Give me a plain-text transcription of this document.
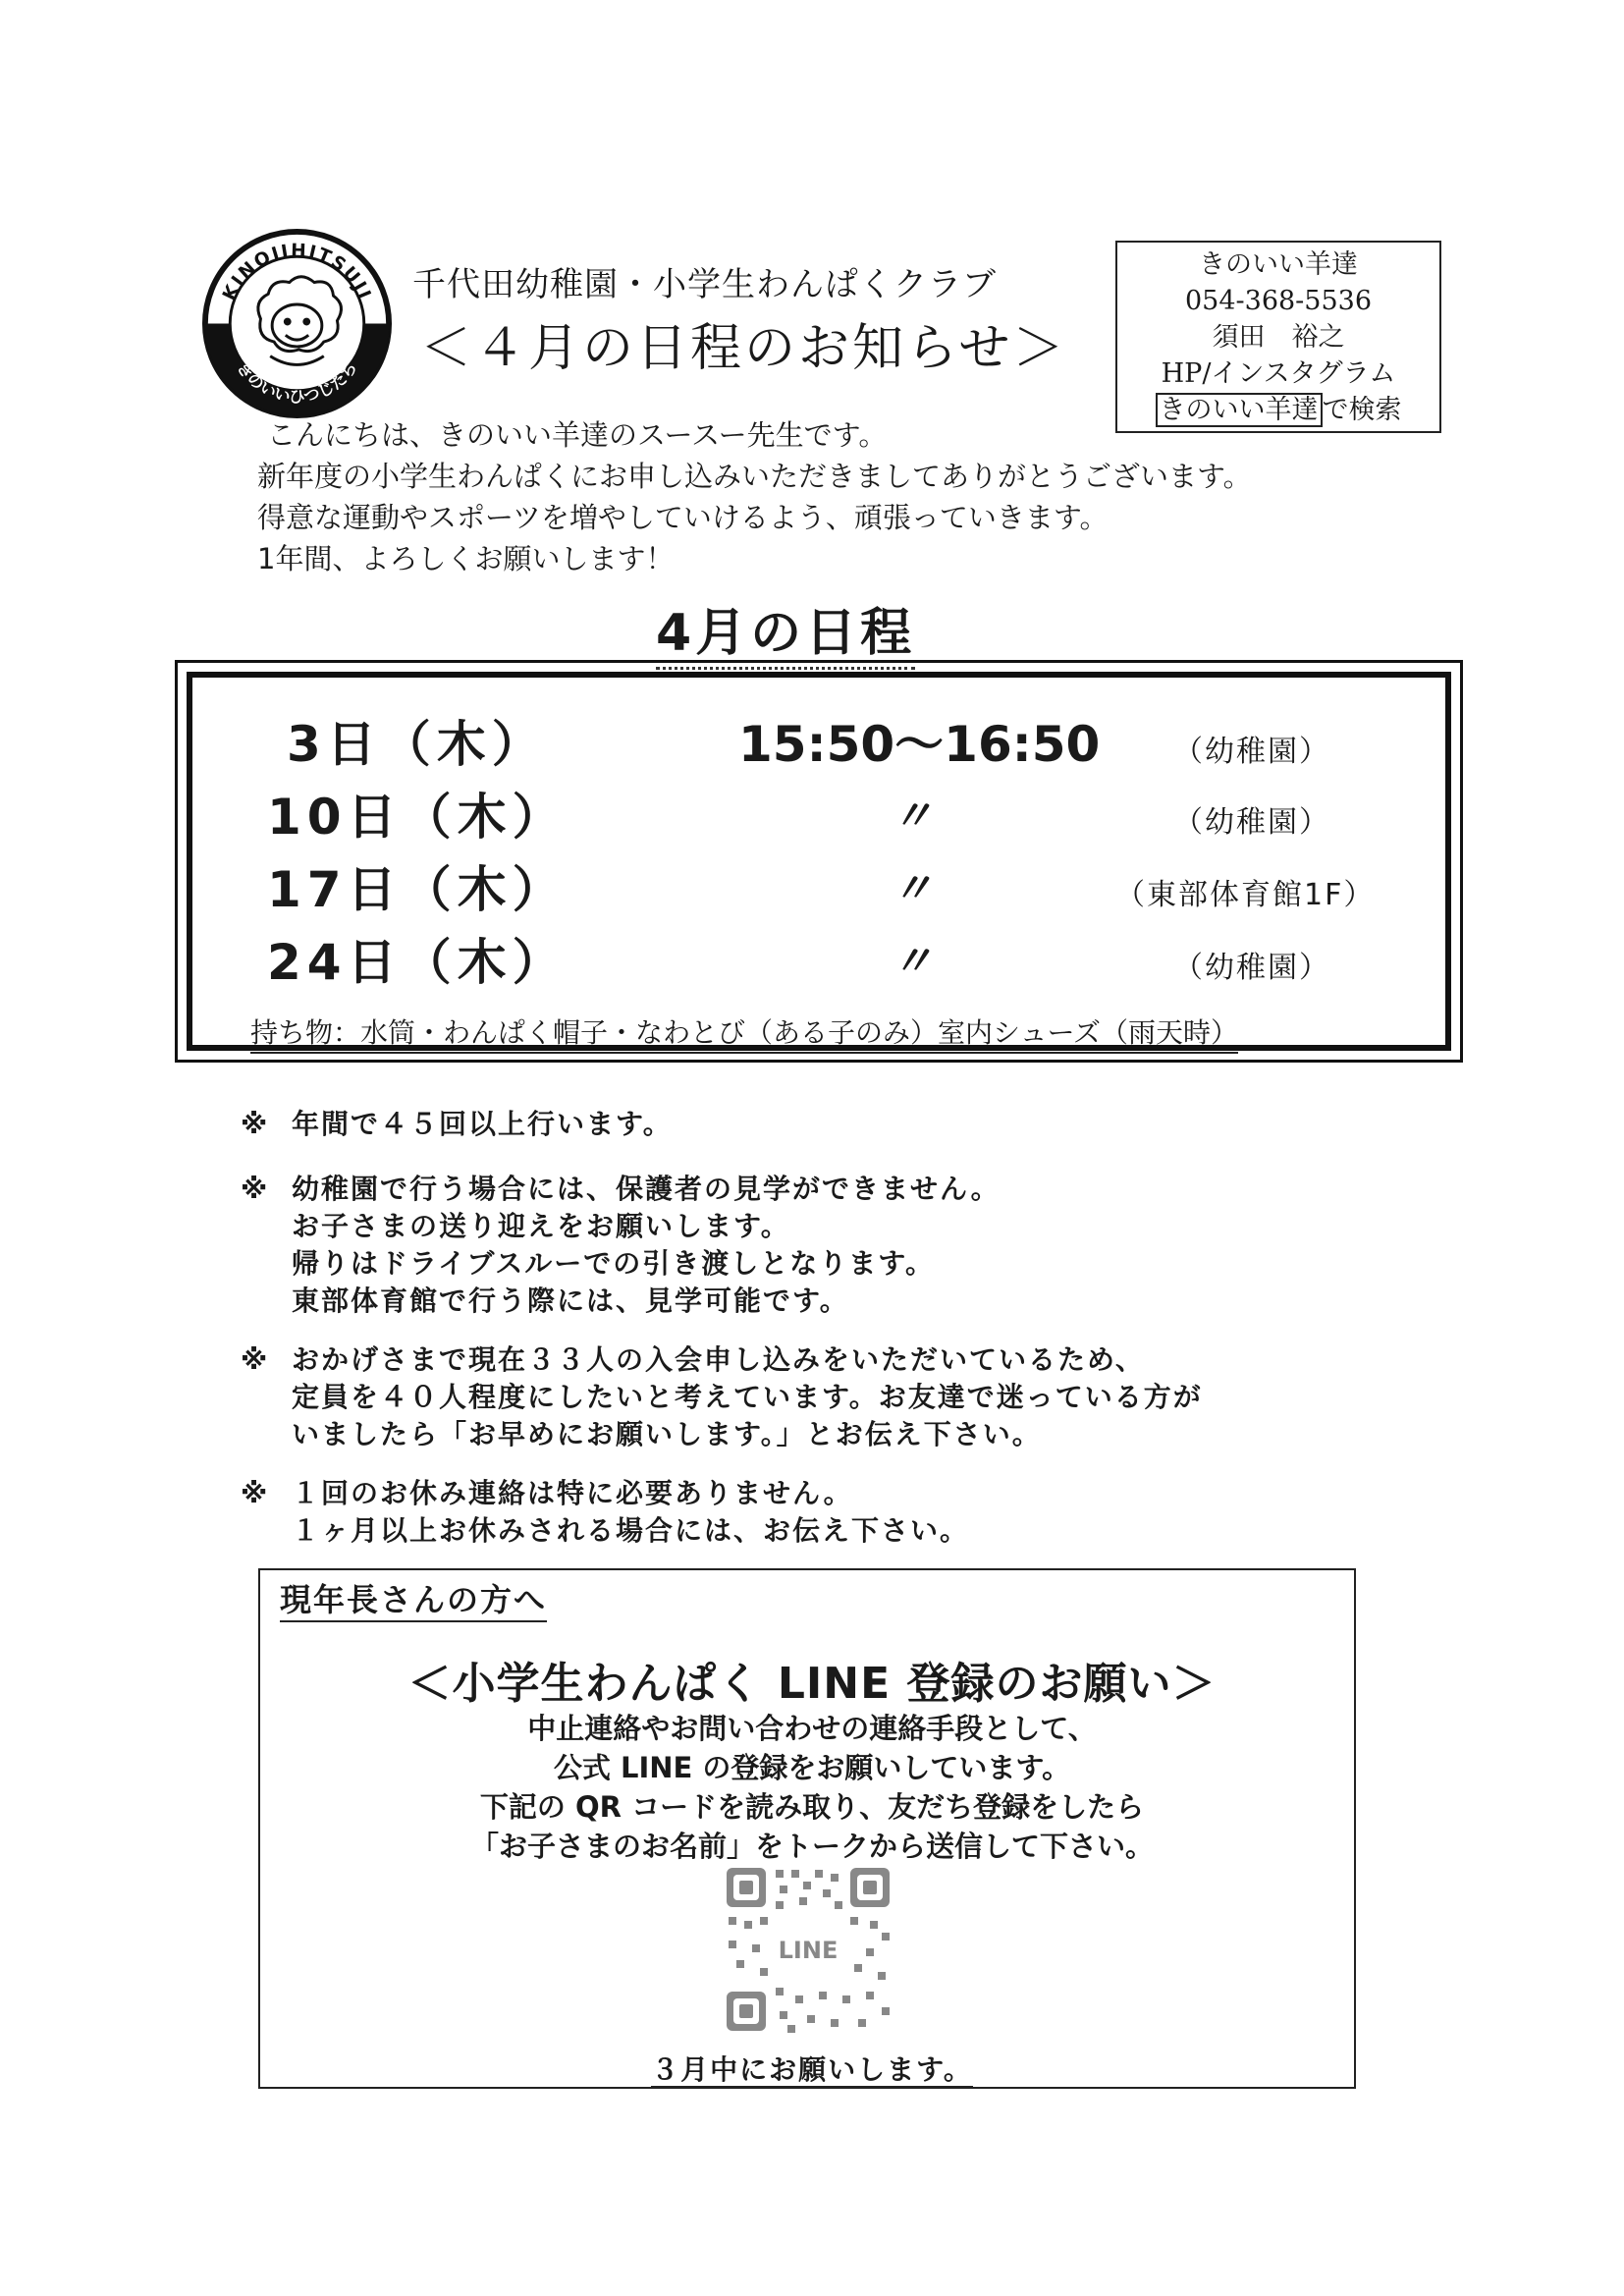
KINOIIHITSUJI
きのいいひつじたち
千代田幼稚園・小学生わんぱくクラブ
＜４月の日程のお知らせ＞
きのいい羊達
054-368-5536
須田　裕之
HP/インスタグラム
きのいい羊達 で検索

こんにちは、きのいい羊達のスースー先生です。

新年度の小学生わんぱくにお申し込みいただきましてありがとうございます。

得意な運動やスポーツを増やしていけるよう、頑張っていきます。

1年間、よろしくお願いします！

4月の日程
3日（木）	15:50～16:50 （幼稚園）
10日（木）	〃	（幼稚園）
17日（木）	〃	（東部体育館1F）
24日（木）	〃	（幼稚園）
持ち物：水筒・わんぱく帽子・なわとび（ある子のみ）室内シューズ（雨天時）
※ 年間で４５回以上行います。
※ 幼稚園で行う場合には、保護者の見学ができません。
お子さまの送り迎えをお願いします。
帰りはドライブスルーでの引き渡しとなります。
東部体育館で行う際には、見学可能です。
※ おかげさまで現在３３人の入会申し込みをいただいているため、
定員を４０人程度にしたいと考えています。お友達で迷っている方が
いましたら「お早めにお願いします。」とお伝え下さい。
※ １回のお休み連絡は特に必要ありません。
１ヶ月以上お休みされる場合には、お伝え下さい。
現年長さんの方へ
＜小学生わんぱく LINE 登録のお願い＞
中止連絡やお問い合わせの連絡手段として、
公式 LINE の登録をお願いしています。
下記の QR コードを読み取り、友だち登録をしたら
「お子さまのお名前」をトークから送信して下さい。
LINE
３月中にお願いします。
